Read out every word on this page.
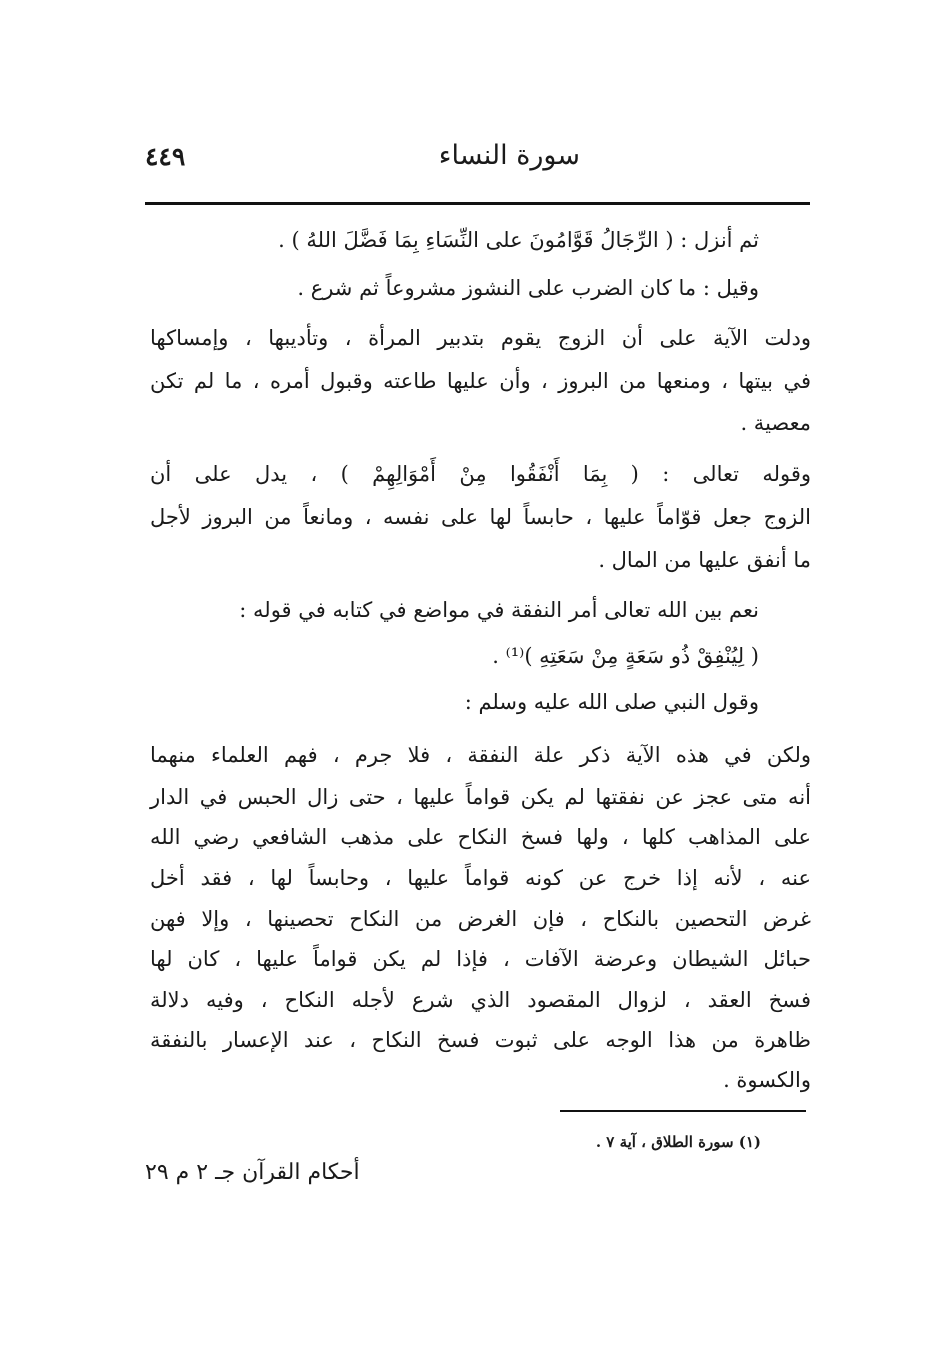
سورة النساء
٤٤٩
ثم أنزل : ( الرِّجَالُ قَوَّامُونَ على النِّسَاءِ بِمَا فَضَّلَ اللهُ ) .
وقيل : ما كان الضرب على النشوز مشروعاً ثم شرع .
ودلت الآية على أن الزوج يقوم بتدبير المرأة ، وتأديبها ، وإمساكها
في بيتها ، ومنعها من البروز ، وأن عليها طاعته وقبول أمره ، ما لم تكن
معصية .
وقوله تعالى : ( بِمَا أَنْفَقُوا مِنْ أَمْوَالِهِمْ ) ، يدل على أن
الزوج جعل قوّاماً عليها ، حابساً لها على نفسه ، ومانعاً من البروز لأجل
ما أنفق عليها من المال .
نعم بين الله تعالى أمر النفقة في مواضع في كتابه في قوله :
( لِيُنْفِقْ ذُو سَعَةٍ مِنْ سَعَتِهِ )⁽¹⁾ .
وقول النبي صلى الله عليه وسلم :
ولكن في هذه الآية ذكر علة النفقة ، فلا جرم ، فهم العلماء منهما
أنه متى عجز عن نفقتها لم يكن قواماً عليها ، حتى زال الحبس في الدار
على المذاهب كلها ، ولها فسخ النكاح على مذهب الشافعي رضي الله
عنه ، لأنه إذا خرج عن كونه قواماً عليها ، وحابساً لها ، فقد أخل
غرض التحصين بالنكاح ، فإن الغرض من النكاح تحصينها ، وإلا فهن
حبائل الشيطان وعرضة الآفات ، فإذا لم يكن قواماً عليها ، كان لها
فسخ العقد ، لزوال المقصود الذي شرع لأجله النكاح ، وفيه دلالة
ظاهرة من هذا الوجه على ثبوت فسخ النكاح ، عند الإعسار بالنفقة
والكسوة .
(١) سورة الطلاق ، آية ٧ .
أحكام القرآن جـ ٢ م ٢٩
